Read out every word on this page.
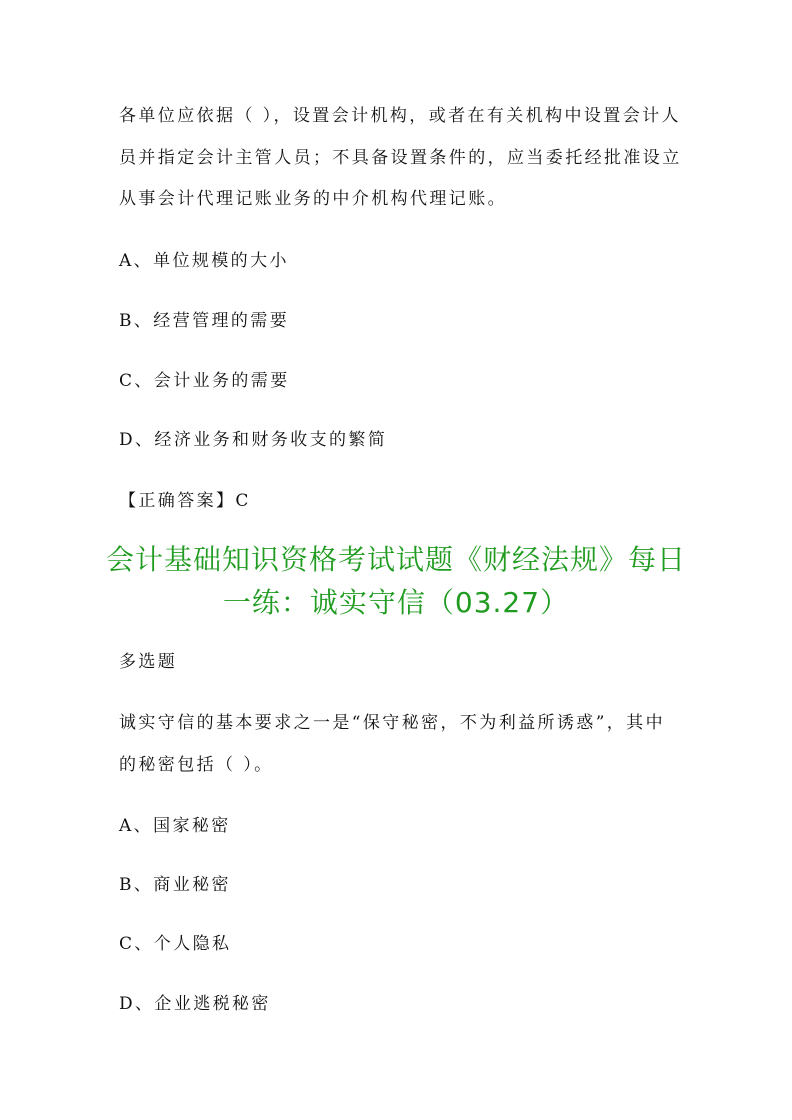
各单位应依据（ ），设置会计机构，或者在有关机构中设置会计人
员并指定会计主管人员；不具备设置条件的，应当委托经批准设立
从事会计代理记账业务的中介机构代理记账。
A、单位规模的大小
B、经营管理的需要
C、会计业务的需要
D、经济业务和财务收支的繁简
【正确答案】C
会计基础知识资格考试试题《财经法规》每日
一练：诚实守信（03.27）
多选题
诚实守信的基本要求之一是“保守秘密，不为利益所诱惑”，其中
的秘密包括（ ）。
A、国家秘密
B、商业秘密
C、个人隐私
D、企业逃税秘密
